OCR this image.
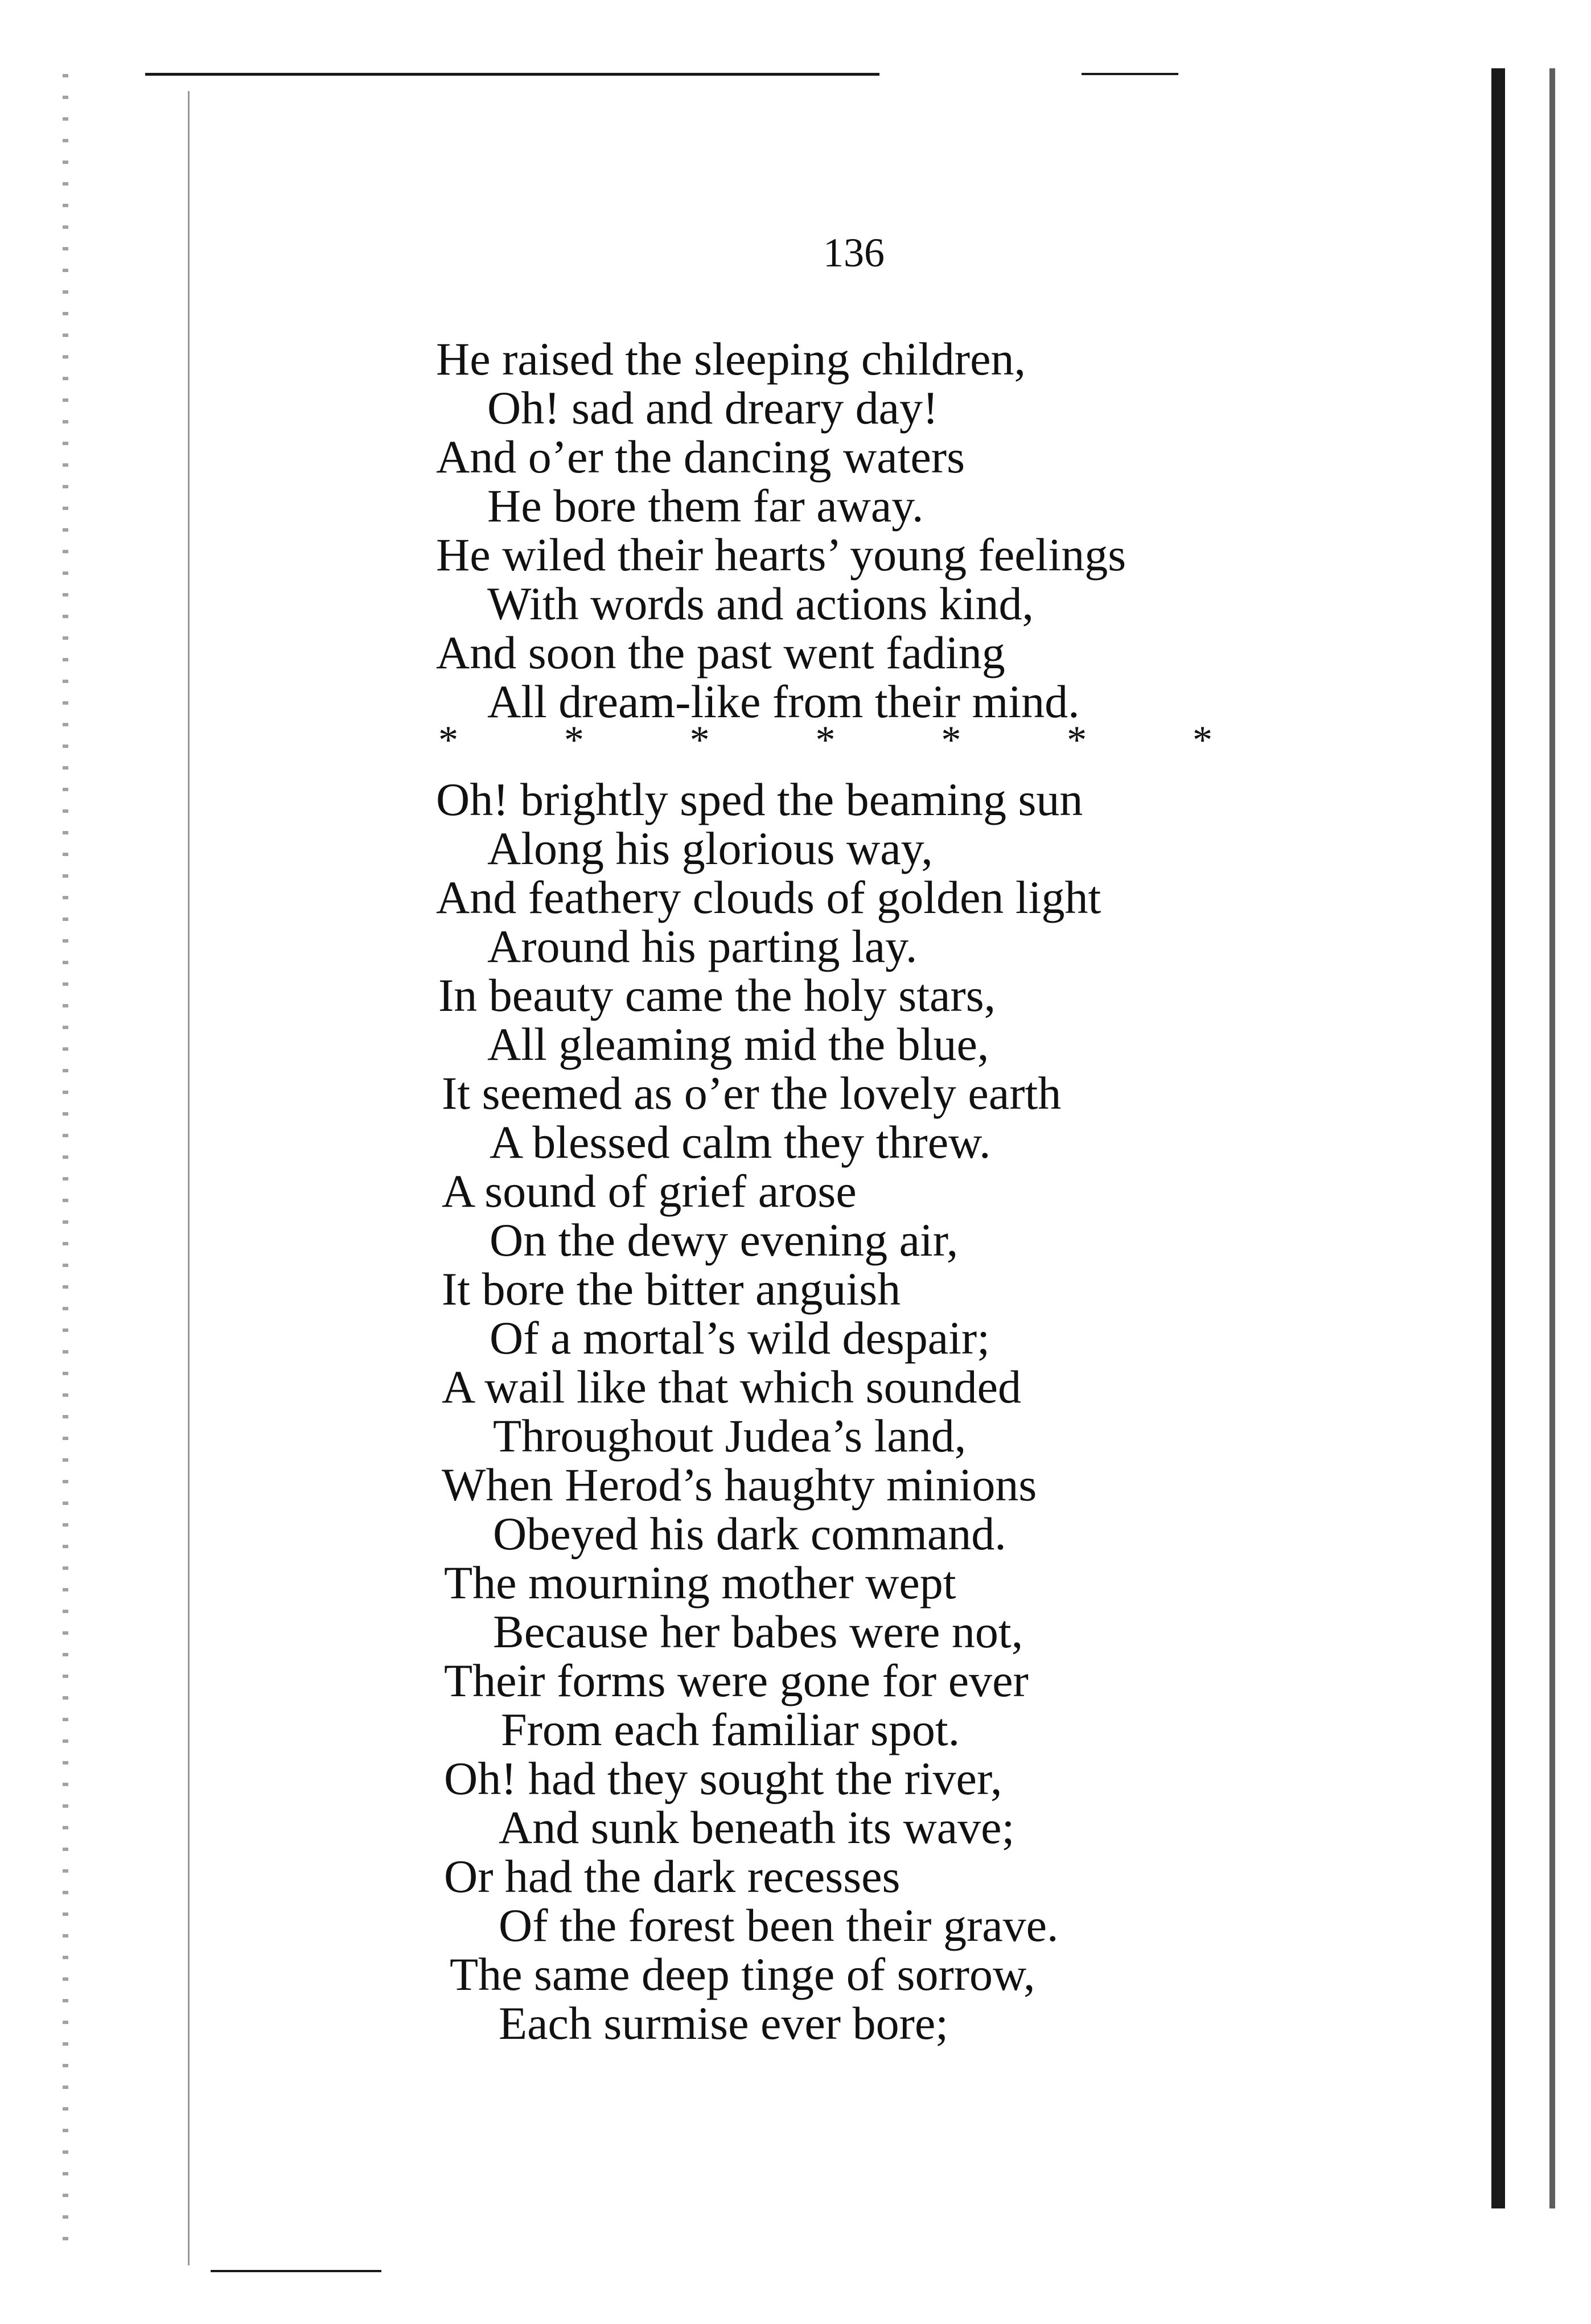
136
He raised the sleeping children,
Oh! sad and dreary day!
And o’er the dancing waters
He bore them far away.
He wiled their hearts’ young feelings
With words and actions kind,
And soon the past went fading
All dream-like from their mind.
*	*	*	*	*	*	*
Oh! brightly sped the beaming sun
Along his glorious way,
And feathery clouds of golden light
Around his parting lay.
In beauty came the holy stars,
All gleaming mid the blue,
It seemed as o’er the lovely earth
A blessed calm they threw.
A sound of grief arose
On the dewy evening air,
It bore the bitter anguish
Of a mortal’s wild despair;
A wail like that which sounded
Throughout Judea’s land,
When Herod’s haughty minions
Obeyed his dark command.
The mourning mother wept
Because her babes were not,
Their forms were gone for ever
From each familiar spot.
Oh! had they sought the river,
And sunk beneath its wave;
Or had the dark recesses
Of the forest been their grave.
The same deep tinge of sorrow,
Each surmise ever bore;
